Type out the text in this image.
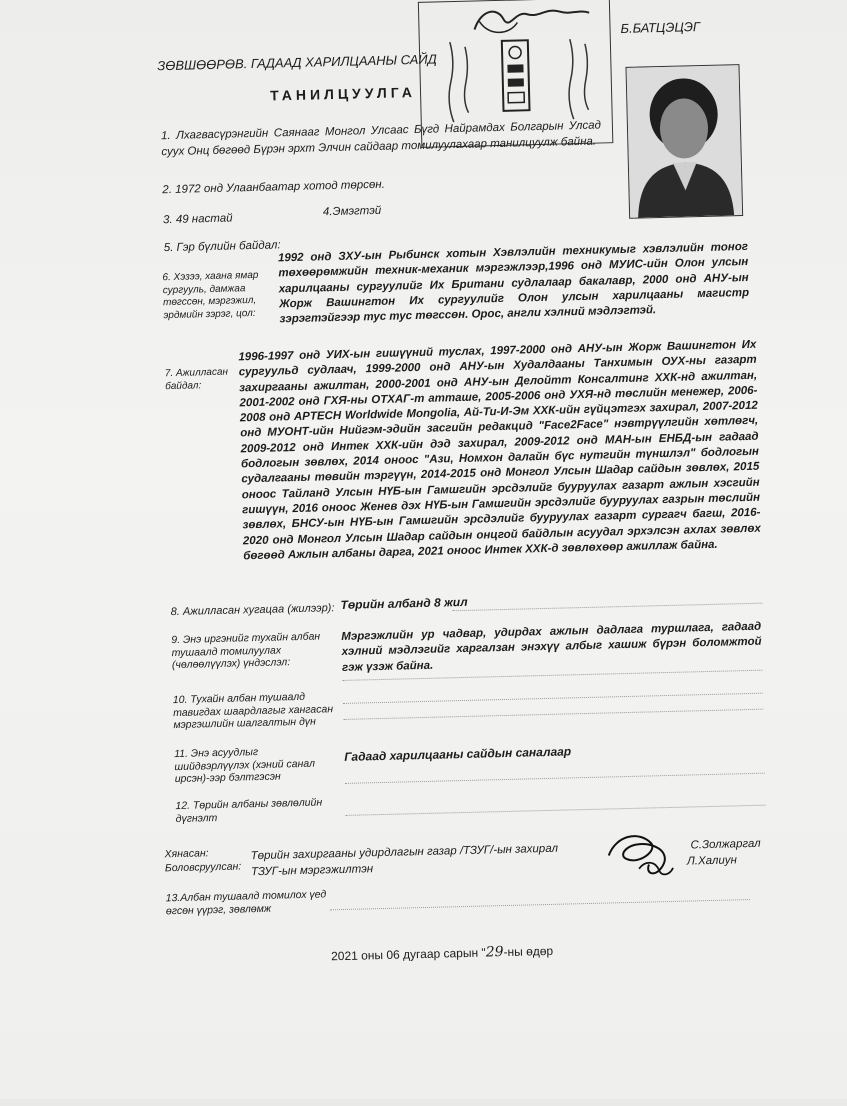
ЗӨВШӨӨРӨВ. ГАДААД ХАРИЛЦААНЫ САЙД
Б.БАТЦЭЦЭГ
ТАНИЛЦУУЛГА
1. Лхагвасүрэнгийн Саянааг Монгол Улсаас Бүгд Найрамдах Болгарын Улсад суух Онц бөгөөд Бүрэн эрхт Элчин сайдаар томилуулахаар танилцуулж байна.
2. 1972 онд Улаанбаатар хотод төрсөн.
3. 49 настай
4.Эмэгтэй
5. Гэр бүлийн байдал:
6. Хэзээ, хаана ямар сургууль, дамжаа төгссөн, мэргэжил, эрдмийн зэрэг, цол:
1992 онд ЗХУ-ын Рыбинск хотын Хэвлэлийн техникумыг хэвлэлийн тоног төхөөрөмжийн техник-механик мэргэжлээр,1996 онд МУИС-ийн Олон улсын харилцааны сургуулийг Их Британи судлалаар бакалавр, 2000 онд АНУ-ын Жорж Вашингтон Их сургуулийг Олон улсын харилцааны магистр зэрэгтэйгээр тус тус төгссөн. Орос, англи хэлний мэдлэгтэй.
7. Ажилласан байдал:
1996-1997 онд УИХ-ын гишүүний туслах, 1997-2000 онд АНУ-ын Жорж Вашингтон Их сургуульд судлаач, 1999-2000 онд АНУ-ын Худалдааны Танхимын ОУХ-ны газарт захиргааны ажилтан, 2000-2001 онд АНУ-ын Делойтт Консалтинг ХХК-нд ажилтан, 2001-2002 онд ГХЯ-ны ОТХАГ-т атташе, 2005-2006 онд УХЯ-нд төслийн менежер, 2006-2008 онд APTECH Worldwide Mongolia, Ай-Ти-И-Эм ХХК-ийн гүйцэтгэх захирал, 2007-2012 онд МУОНТ-ийн Нийгэм-эдийн засгийн редакцид "Face2Face" нэвтрүүлгийн хөтлөгч, 2009-2012 онд Интек ХХК-ийн дэд захирал, 2009-2012 онд МАН-ын ЕНБД-ын гадаад бодлогын зөвлөх, 2014 оноос "Ази, Номхон далайн бүс нутгийн түншлэл" бодлогын судалгааны төвийн тэргүүн, 2014-2015 онд Монгол Улсын Шадар сайдын зөвлөх, 2015 оноос Тайланд Улсын НҮБ-ын Гамшгийн эрсдэлийг бууруулах газарт ажлын хэсгийн гишүүн, 2016 оноос Женев дэх НҮБ-ын Гамшгийн эрсдэлийг бууруулах газрын төслийн зөвлөх, БНСУ-ын НҮБ-ын Гамшгийн эрсдэлийг бууруулах газарт сургагч багш, 2016-2020 онд Монгол Улсын Шадар сайдын онцгой байдлын асуудал эрхэлсэн ахлах зөвлөх бөгөөд Ажлын албаны дарга, 2021 оноос Интек ХХК-д зөвлөхөөр ажиллаж байна.
8. Ажилласан хугацаа (жилээр): Төрийн албанд 8 жил
9. Энэ иргэнийг тухайн албан тушаалд томилуулах (чөлөөлүүлэх) үндэслэл:
Мэргэжлийн ур чадвар, удирдах ажлын дадлага туршлага, гадаад хэлний мэдлэгийг харгалзан энэхүү албыг хашиж бүрэн боломжтой гэж үзэж байна.
10. Тухайн албан тушаалд тавигдах шаардлагыг хангасан мэргэшлийн шалгалтын дүн
11. Энэ асуудлыг шийдвэрлүүлэх (хэний санал ирсэн)-ээр бэлтгэсэн
Гадаад харилцааны сайдын саналаар
12. Төрийн албаны зөвлөлийн дүгнэлт
Хянасан:
Боловсруулсан:
Төрийн захиргааны удирдлагын газар /ТЗУГ/-ын захирал
ТЗУГ-ын мэргэжилтэн
С.Золжаргал
Л.Халиун
13.Албан тушаалд томилох үед өгсөн үүрэг, зөвлөмж
2021 оны 06 дугаар сарын "29-ны өдөр
